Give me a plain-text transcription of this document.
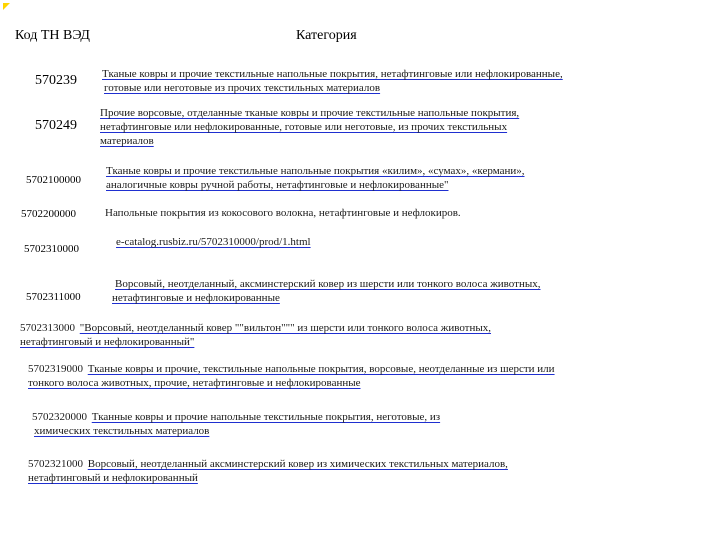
Код ТН ВЭД	Категория
570239 Тканые ковры и прочие текстильные напольные покрытия, нетафтинговые или нефлокированные,
готовые или неготовые из прочих текстильных материалов
570249
Прочие ворсовые, отделанные тканые ковры и прочие текстильные напольные покрытия,
нетафтинговые или нефлокированные, готовые или неготовые, из прочих текстильных
материалов
5702100000
Тканые ковры и прочие текстильные напольные покрытия «килим», «сумах», «кермани»,
аналогичные ковры ручной работы, нетафтинговые и нефлокированные"
5702200000	Напольные покрытия из кокосового волокна, нетафтинговые и нефлокиров.
5702310000
e-catalog.rusbiz.ru/5702310000/prod/1.html
5702311000
Ворсовый, неотделанный, аксминстерский ковер из шерсти или тонкого волоса животных,
нетафтинговые и нефлокированные
5702313000 "Ворсовый, неотделанный ковер ""вильтон""" из шерсти или тонкого волоса животных,
нетафтинговый и нефлокированный"
5702319000 Тканые ковры и прочие, текстильные напольные покрытия, ворсовые, неотделанные из шерсти или
тонкого волоса животных, прочие, нетафтинговые и нефлокированные
5702320000 Тканные ковры и прочие напольные текстильные покрытия, неготовые, из
химических текстильных материалов
5702321000 Ворсовый, неотделанный аксминстерский ковер из химических текстильных материалов,
нетафтинговый и нефлокированный
